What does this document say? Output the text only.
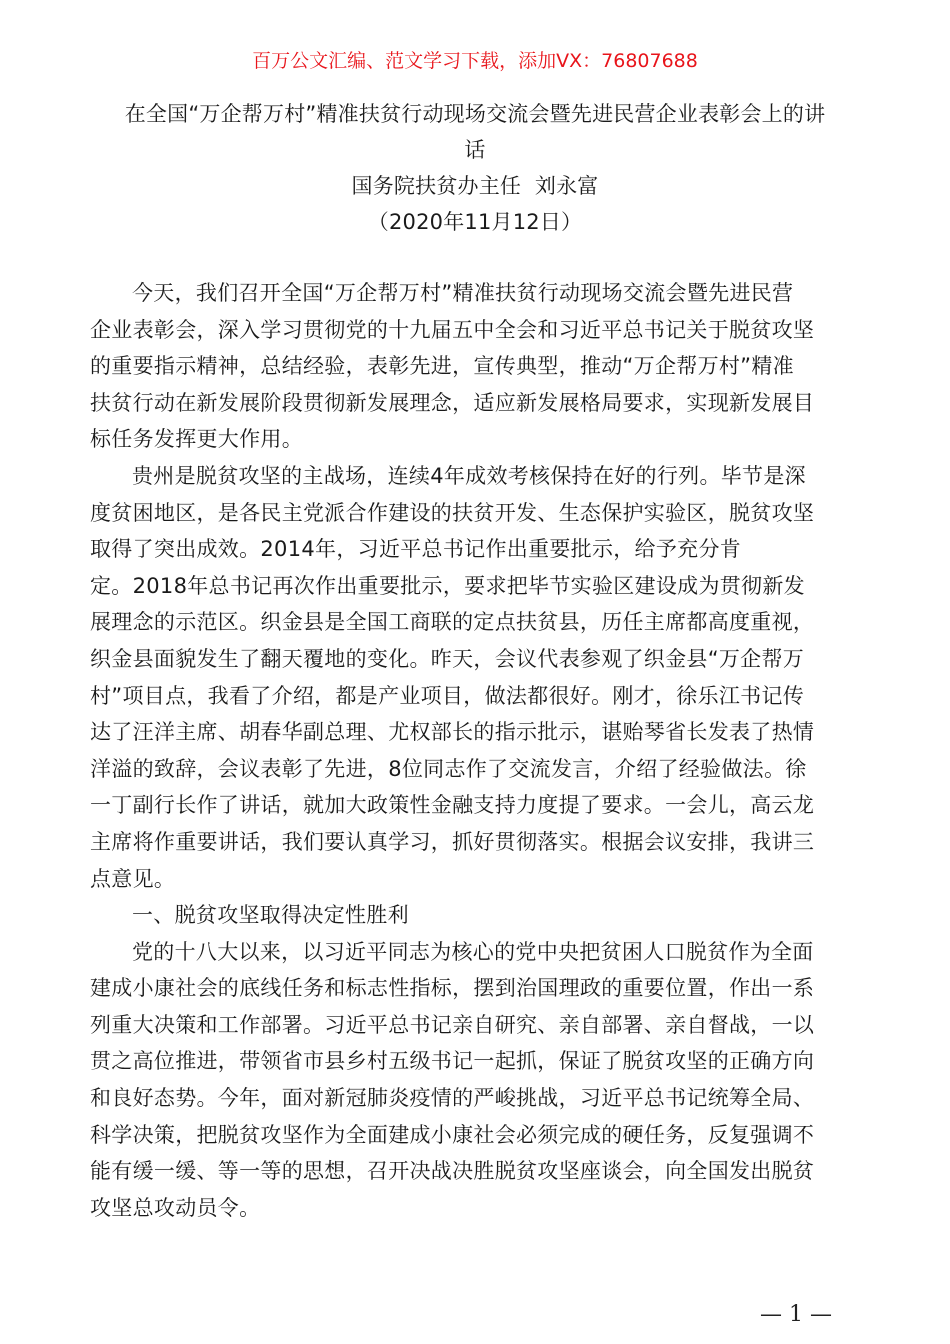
百万公文汇编、范文学习下载，添加VX：76807688
在全国“万企帮万村”精准扶贫行动现场交流会暨先进民营企业表彰会上的讲
话
国务院扶贫办主任  刘永富
（2020年11月12日）

今天，我们召开全国“万企帮万村”精准扶贫行动现场交流会暨先进民营
企业表彰会，深入学习贯彻党的十九届五中全会和习近平总书记关于脱贫攻坚
的重要指示精神，总结经验，表彰先进，宣传典型，推动“万企帮万村”精准
扶贫行动在新发展阶段贯彻新发展理念，适应新发展格局要求，实现新发展目
标任务发挥更大作用。

贵州是脱贫攻坚的主战场，连续4年成效考核保持在好的行列。毕节是深
度贫困地区，是各民主党派合作建设的扶贫开发、生态保护实验区，脱贫攻坚
取得了突出成效。2014年，习近平总书记作出重要批示，给予充分肯
定。2018年总书记再次作出重要批示，要求把毕节实验区建设成为贯彻新发
展理念的示范区。织金县是全国工商联的定点扶贫县，历任主席都高度重视，
织金县面貌发生了翻天覆地的变化。昨天，会议代表参观了织金县“万企帮万
村”项目点，我看了介绍，都是产业项目，做法都很好。刚才，徐乐江书记传
达了汪洋主席、胡春华副总理、尤权部长的指示批示，谌贻琴省长发表了热情
洋溢的致辞，会议表彰了先进，8位同志作了交流发言，介绍了经验做法。徐
一丁副行长作了讲话，就加大政策性金融支持力度提了要求。一会儿，高云龙
主席将作重要讲话，我们要认真学习，抓好贯彻落实。根据会议安排，我讲三
点意见。

一、脱贫攻坚取得决定性胜利

党的十八大以来，以习近平同志为核心的党中央把贫困人口脱贫作为全面
建成小康社会的底线任务和标志性指标，摆到治国理政的重要位置，作出一系
列重大决策和工作部署。习近平总书记亲自研究、亲自部署、亲自督战，一以
贯之高位推进，带领省市县乡村五级书记一起抓，保证了脱贫攻坚的正确方向
和良好态势。今年，面对新冠肺炎疫情的严峻挑战，习近平总书记统筹全局、
科学决策，把脱贫攻坚作为全面建成小康社会必须完成的硬任务，反复强调不
能有缓一缓、等一等的思想，召开决战决胜脱贫攻坚座谈会，向全国发出脱贫
攻坚总攻动员令。

— 1 —
